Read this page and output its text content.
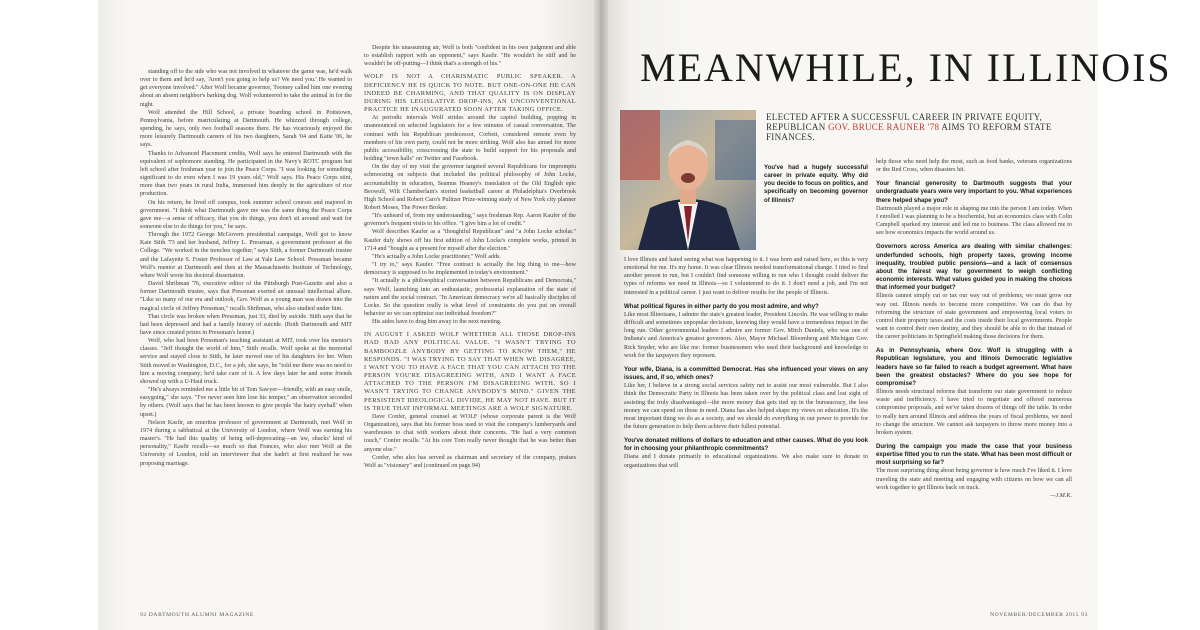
standing off to the side who was not involved in whatever the game was, he'd walk over to them and he'd say, 'Aren't you going to help us? We need you.' He wanted to get everyone involved." After Wolf became governor, Toomey called him one evening about an absent neighbor's barking dog. Wolf volunteered to take the animal in for the night.

Wolf attended the Hill School, a private boarding school in Pottstown, Pennsylvania, before matriculating at Dartmouth. He whizzed through college, spending, he says, only two football seasons there. He has vicariously enjoyed the more leisurely Dartmouth careers of his two daughters, Sarah '04 and Katie '06, he says.

Thanks to Advanced Placement credits, Wolf says he entered Dartmouth with the equivalent of sophomore standing. He participated in the Navy's ROTC program but left school after freshman year to join the Peace Corps. "I was looking for something significant to do even when I was 19 years old," Wolf says. His Peace Corps stint, more than two years in rural India, immersed him deeply in the agriculture of rice production.

On his return, he lived off campus, took summer school courses and majored in government. "I think what Dartmouth gave me was the same thing the Peace Corps gave me—a sense of efficacy, that you do things, you don't sit around and wait for someone else to do things for you," he says.

Through the 1972 George McGovern presidential campaign, Wolf got to know Kate Stith '73 and her husband, Jeffrey L. Pressman, a government professor at the College. "We worked in the trenches together," says Stith, a former Dartmouth trustee and the Lafayette S. Foster Professor of Law at Yale Law School. Pressman became Wolf's mentor at Dartmouth and then at the Massachusetts Institute of Technology, where Wolf wrote his doctoral dissertation.

David Shribman '76, executive editor of the Pittsburgh Post-Gazette and also a former Dartmouth trustee, says that Pressman exerted an unusual intellectual allure. "Like so many of our era and outlook, Gov. Wolf as a young man was drawn into the magical circle of Jeffrey Pressman," recalls Shribman, who also studied under him.

That circle was broken when Pressman, just 33, died by suicide. Stith says that he had been depressed and had a family history of suicide. (Both Dartmouth and MIT have since created prizes in Pressman's honor.)

Wolf, who had been Pressman's teaching assistant at MIT, took over his mentor's classes. "Jeff thought the world of him," Stith recalls. Wolf spoke at the memorial service and stayed close to Stith, he later moved one of his daughters for her. When Stith moved to Washington, D.C., for a job, she says, he "told me there was no need to hire a moving company; he'd take care of it. A few days later he and some friends showed up with a U-Haul truck.

"He's always reminded me a little bit of Tom Sawyer—friendly, with an easy smile, easygoing," she says. "I've never seen him lose his temper," an observation seconded by others. (Wolf says that he has been known to give people 'the hairy eyeball' when upset.)

Nelson Kasfir, an emeritus professor of government at Dartmouth, met Wolf in 1974 during a sabbatical at the University of London, where Wolf was earning his master's. "He had this quality of being self-deprecating—an 'aw, shucks' kind of personality," Kasfir recalls—so much so that Frances, who also met Wolf at the University of London, told an interviewer that she hadn't at first realized he was proposing marriage.

Despite his unassuming air, Wolf is both "confident in his own judgment and able to establish rapport with an opponent," says Kasfir. "He wouldn't be stiff and he wouldn't be off-putting—I think that's a strength of his."

WOLF IS NOT A CHARISMATIC PUBLIC SPEAKER. A DEFICIENCY HE IS QUICK TO NOTE. BUT ONE-ON-ONE HE CAN INDEED BE CHARMING, AND THAT QUALITY IS ON DISPLAY DURING HIS LEGISLATIVE DROP-INS, AN UNCONVENTIONAL PRACTICE HE INAUGURATED SOON AFTER TAKING OFFICE.

At periodic intervals Wolf strides around the capitol building, popping in unannounced on selected legislators for a few minutes of casual conversation. The contrast with his Republican predecessor, Corbett, considered remote even by members of his own party, could not be more striking. Wolf also has aimed for more public accessibility, crisscrossing the state to build support for his proposals and holding "town halls" on Twitter and Facebook.

On the day of my visit the governor targeted several Republicans for impromptu schmoozing on subjects that included the political philosophy of John Locke, accountability in education, Seamus Heaney's translation of the Old English epic Beowulf, Wilt Chamberlain's storied basketball career at Philadelphia's Overbrook High School and Robert Caro's Pulitzer Prize-winning study of New York city planner Robert Moses, The Power Broker.

"It's unheard of, from my understanding," says freshman Rep. Aaron Kaufer of the governor's frequent visits to his office. "I give him a lot of credit."

Wolf describes Kaufer as a "thoughtful Republican" and "a John Locke scholar." Kaufer duly shows off his first edition of John Locke's complete works, printed in 1714 and "bought as a present for myself after the election."

"He's actually a John Locke practitioner," Wolf adds.

"I try to," says Kaufer. "Free contract is actually the big thing to me—how democracy is supposed to be implemented in today's environment."

"It actually is a philosophical conversation between Republicans and Democrats," says Wolf, launching into an enthusiastic, professorial explanation of the state of nature and the social contract. "In American democracy we're all basically disciples of Locke. So the question really is what level of constraints do you put on overall behavior so we can optimize our individual freedom?"

His aides have to drag him away to the next meeting.

IN AUGUST I ASKED WOLF WHETHER ALL THOSE DROP-INS HAD HAD ANY POLITICAL VALUE. "I WASN'T TRYING TO BAMBOOZLE ANYBODY BY GETTING TO KNOW THEM," HE RESPONDS. "I WAS TRYING TO SAY THAT WHEN WE DISAGREE, I WANT YOU TO HAVE A FACE THAT YOU CAN ATTACH TO THE PERSON YOU'RE DISAGREEING WITH, AND I WANT A FACE ATTACHED TO THE PERSON I'M DISAGREEING WITH. SO I WASN'T TRYING TO CHANGE ANYBODY'S MIND." GIVEN THE PERSISTENT IDEOLOGICAL DIVIDE, HE MAY NOT HAVE. BUT IT IS TRUE THAT INFORMAL MEETINGS ARE A WOLF SIGNATURE.

Dave Confer, general counsel at WOLF (whose corporate parent is the Wolf Organization), says that his former boss used to visit the company's lumberyards and warehouses to chat with workers about their concerns. "He had a very common touch," Confer recalls. "At his core Tom really never thought that he was better than anyone else."

Confer, who also has served as chairman and secretary of the company, praises Wolf as "visionary" and (continued on page 94)

92 DARTMOUTH ALUMNI MAGAZINE
MEANWHILE, IN ILLINOIS
ELECTED AFTER A SUCCESSFUL CAREER IN PRIVATE EQUITY, REPUBLICAN GOV. BRUCE RAUNER '78 AIMS TO REFORM STATE FINANCES.

You've had a hugely successful career in private equity. Why did you decide to focus on politics, and specifically on becoming governor of Illinois?

I love Illinois and hated seeing what was happening to it. I was born and raised here, so this is very emotional for me. It's my home. It was clear Illinois needed transformational change. I tried to find another person to run, but I couldn't find someone willing to run who I thought could deliver the types of reforms we need in Illinois—so I volunteered to do it. I don't need a job, and I'm not interested in a political career. I just want to deliver results for the people of Illinois.

What political figures in either party do you most admire, and why?

Like most Illinoisans, I admire the state's greatest leader, President Lincoln. He was willing to make difficult and sometimes unpopular decisions, knowing they would have a tremendous impact in the long run. Other governmental leaders I admire are former Gov. Mitch Daniels, who was one of Indiana's and America's greatest governors. Also, Mayor Michael Bloomberg and Michigan Gov. Rick Snyder, who are like me: former businessmen who used their background and knowledge to work for the taxpayers they represent.

Your wife, Diana, is a committed Democrat. Has she influenced your views on any issues, and, if so, which ones?

Like her, I believe in a strong social services safety net to assist our most vulnerable. But I also think the Democratic Party in Illinois has been taken over by the political class and lost sight of assisting the truly disadvantaged—the more money that gets tied up in the bureaucracy, the less money we can spend on those in need. Diana has also helped shape my views on education. It's the most important thing we do as a society, and we should do everything in our power to provide for the future generation to help them achieve their fullest potential.

You've donated millions of dollars to education and other causes. What do you look for in choosing your philanthropic commitments?

Diana and I donate primarily to educational organizations. We also make sure to donate to organizations that will

help those who need help the most, such as food banks, veterans organizations or the Red Cross, when disasters hit.

Your financial generosity to Dartmouth suggests that your undergraduate years were very important to you. What experiences there helped shape you?

Dartmouth played a major role in shaping me into the person I am today. When I enrolled I was planning to be a biochemist, but an economics class with Colin Campbell sparked my interest and led me to business. The class allowed me to see how economics impacts the world around us.

Governors across America are dealing with similar challenges: underfunded schools, high property taxes, growing income inequality, troubled public pensions—and a lack of consensus about the fairest way for government to weigh conflicting economic interests. What values guided you in making the choices that informed your budget?

Illinois cannot simply cut or tax our way out of problems; we must grow our way out. Illinois needs to become more competitive. We can do that by reforming the structure of state government and empowering local voters to control their property taxes and the costs inside their local governments. People want to control their own destiny, and they should be able to do that instead of the career politicians in Springfield making those decisions for them.

As in Pennsylvania, where Gov. Wolf is struggling with a Republican legislature, you and Illinois Democratic legislative leaders have so far failed to reach a budget agreement. What have been the greatest obstacles? Where do you see hope for compromise?

Illinois needs structural reforms that transform our state government to reduce waste and inefficiency. I have tried to negotiate and offered numerous compromise proposals, and we've taken dozens of things off the table. In order to really turn around Illinois and address the years of fiscal problems, we need to change the structure. We cannot ask taxpayers to throw more money into a broken system.

During the campaign you made the case that your business expertise fitted you to run the state. What has been most difficult or most surprising so far?

The most surprising thing about being governor is how much I've liked it. I love traveling the state and meeting and engaging with citizens on how we can all work together to get Illinois back on track.

—J.M.K.

NOVEMBER/DECEMBER 2015 93
